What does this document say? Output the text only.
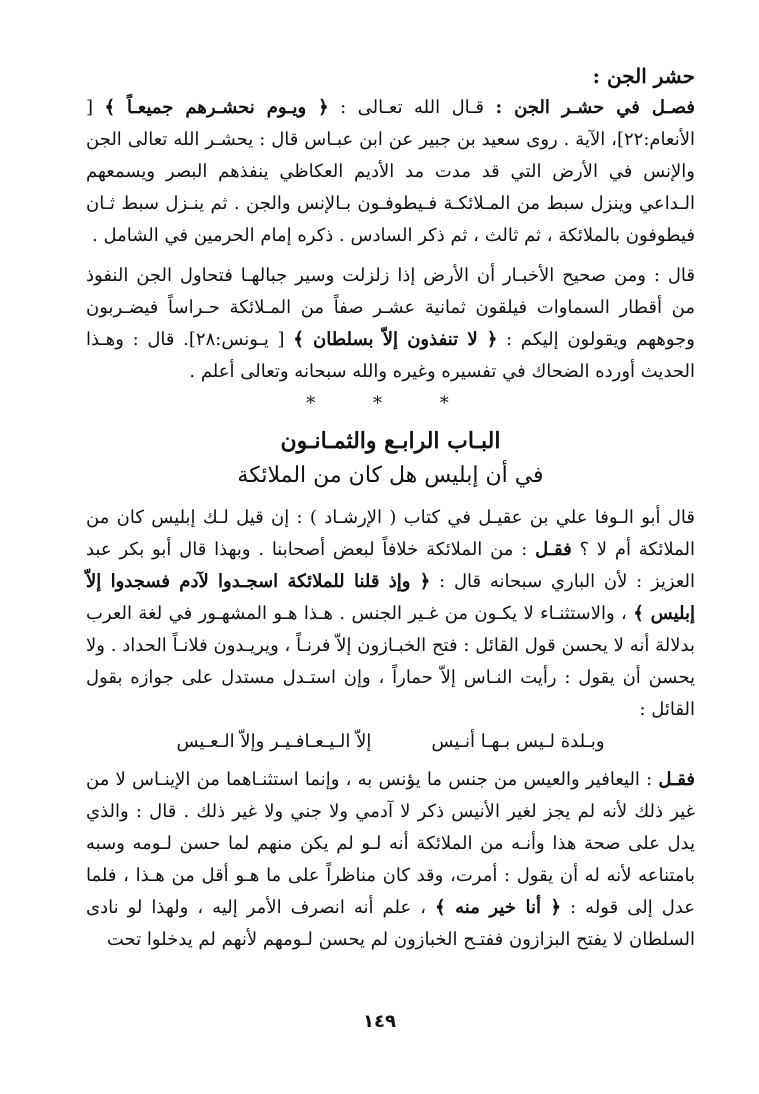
حشر الجن :

فصـل في حشـر الجن : قـال الله تعـالى : ﴿ ويـوم نحشـرهم جميعـاً ﴾ [ الأنعام:٢٢]، الآية . روى سعيد بن جبير عن ابن عبـاس قال : يحشـر الله تعالى الجن والإنس في الأرض التي قد مدت مد الأديم العكاظي ينفذهم البصر ويسمعهم الـداعي وينزل سبط من المـلائكـة فـيطوفـون بـالإنس والجن . ثم ينـزل سبط ثـان فيطوفون بالملائكة ، ثم ثالث ، ثم ذكر السادس . ذكره إمام الحرمين في الشامل .

قال : ومن صحيح الأخبـار أن الأرض إذا زلزلت وسير جبالهـا فتحاول الجن النفوذ من أقطار السماوات فيلقون ثمانية عشـر صفاً من المـلائكة حـراساً فيضـربون وجوههم ويقولون إليكم : ﴿ لا تنفذون إلاّ بسلطان ﴾ [ يـونس:٢٨]. قال : وهـذا الحديث أورده الضحاك في تفسيره وغيره والله سبحانه وتعالى أعلم .

* * *

البـاب الرابـع والثمـانـون

في أن إبليس هل كان من الملائكة

قال أبو الـوفا علي بن عقيـل في كتاب ( الإرشـاد ) : إن قيل لـك إبليس كان من الملائكة أم لا ؟ فقـل : من الملائكة خلافاً لبعض أصحابنا . وبهذا قال أبو بكر عبد العزيز : لأن الباري سبحانه قال : ﴿ وإذ قلنا للملائكة اسجـدوا لآدم فسجدوا إلاّ إبليس ﴾ ، والاستثنـاء لا يكـون من غـير الجنس . هـذا هـو المشهـور في لغة العرب بدلالة أنه لا يحسن قول القائل : فتح الخبـازون إلاّ فرنـاً ، ويريـدون فلانـاً الحداد . ولا يحسن أن يقول : رأيت النـاس إلاّ حماراً ، وإن استـدل مستدل على جوازه بقول القائل :

وبـلدة لـيس بـهـا أنـيس
إلاّ الـيـعـافـيـر وإلاّ الـعـيس

فقـل : اليعافير والعيس من جنس ما يؤنس به ، وإنما استثنـاهما من الإينـاس لا من غير ذلك لأنه لم يجز لغير الأنيس ذكر لا آدمي ولا جني ولا غير ذلك . قال : والذي يدل على صحة هذا وأنـه من الملائكة أنه لـو لم يكن منهم لما حسن لـومه وسبه بامتناعه لأنه له أن يقول : أمرت، وقد كان مناظراً على ما هـو أقل من هـذا ، فلما عدل إلى قوله : ﴿ أنا خير منه ﴾ ، علم أنه انصرف الأمر إليه ، ولهذا لو نادى السلطان لا يفتح البزازون ففتـح الخبازون لم يحسن لـومهم لأنهم لم يدخلوا تحت

١٤٩
